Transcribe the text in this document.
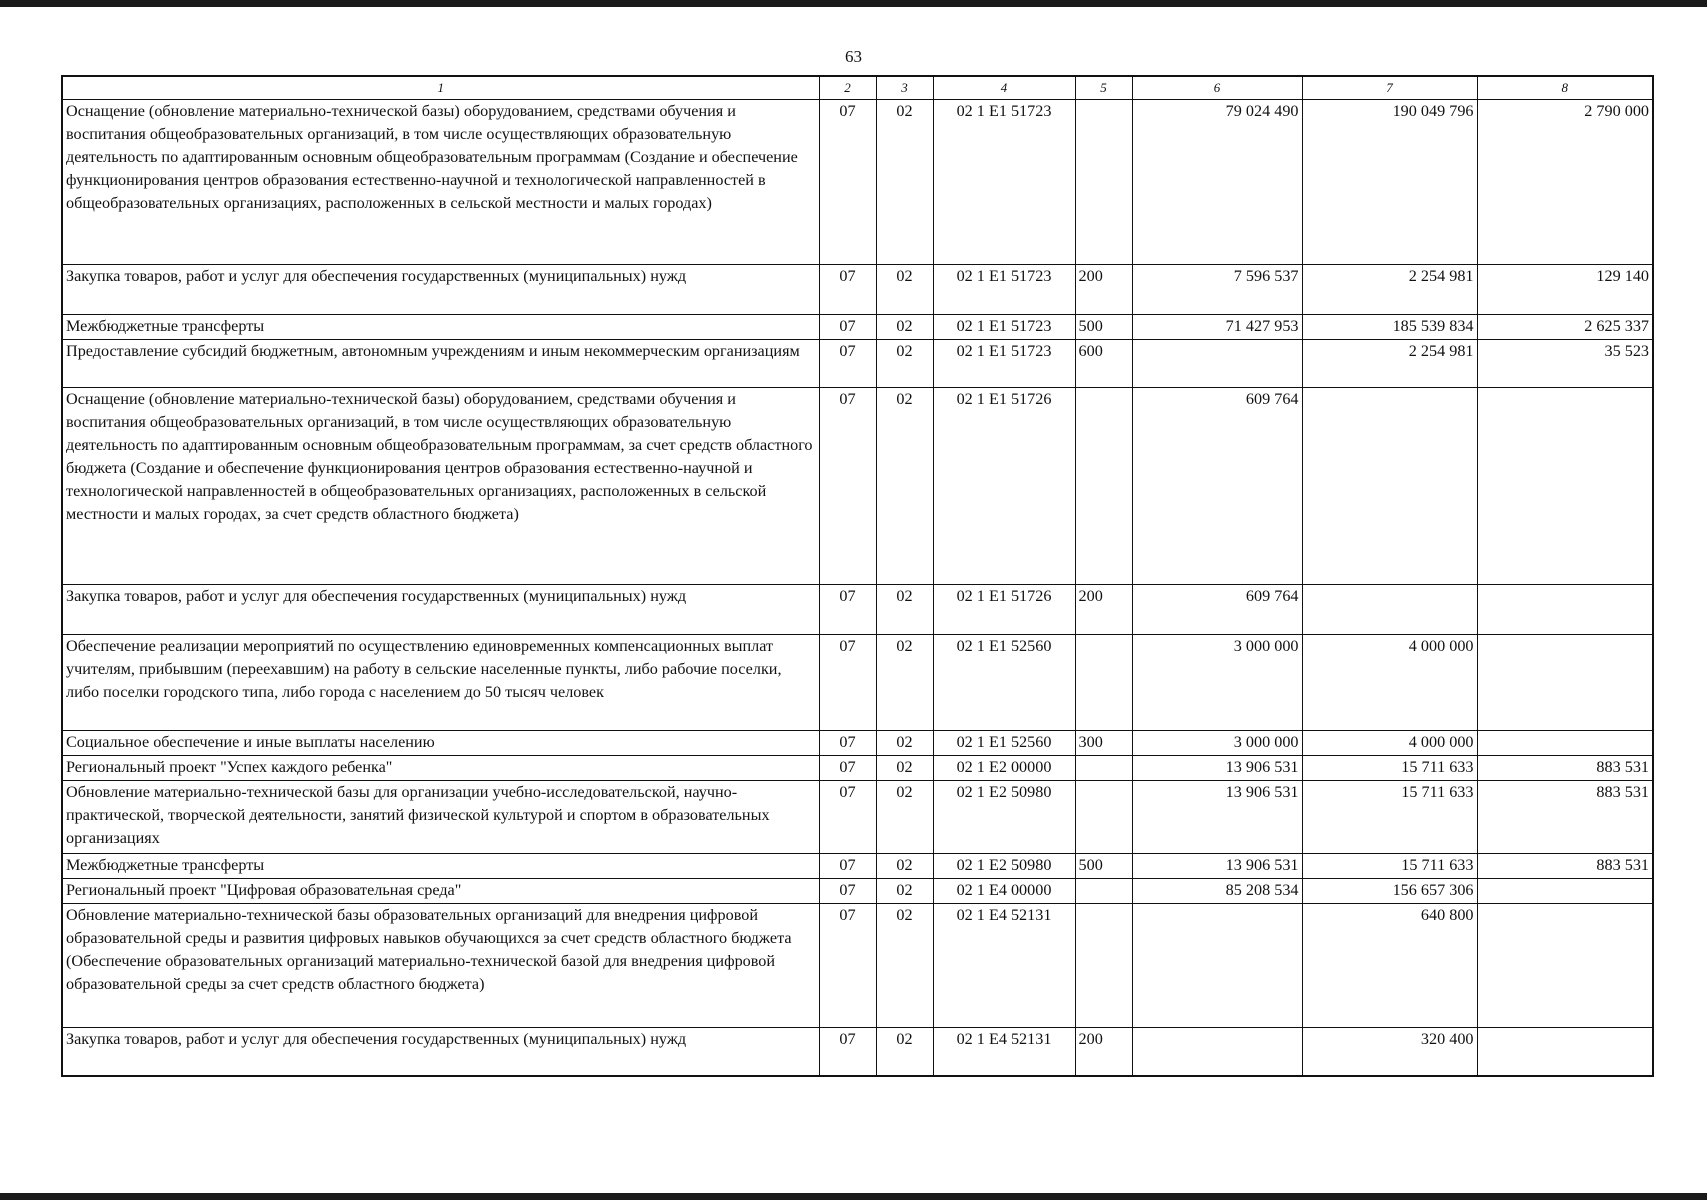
63
1	2	3	4	5	6	7	8
Оснащение (обновление материально-технической базы) оборудованием, средствами обучения и воспитания общеобразовательных организаций, в том числе осуществляющих образовательную деятельность по адаптированным основным общеобразовательным программам (Создание и обеспечение функционирования центров образования естественно-научной и технологической направленностей в общеобразовательных организациях, расположенных в сельской местности и малых городах)	07	02	02 1 E1 51723		79 024 490	190 049 796	2 790 000
Закупка товаров, работ и услуг для обеспечения государственных (муниципальных) нужд	07	02	02 1 E1 51723	200	7 596 537	2 254 981	129 140
Межбюджетные трансферты	07	02	02 1 E1 51723	500	71 427 953	185 539 834	2 625 337
Предоставление субсидий бюджетным, автономным учреждениям и иным некоммерческим организациям	07	02	02 1 E1 51723	600		2 254 981	35 523
Оснащение (обновление материально-технической базы) оборудованием, средствами обучения и воспитания общеобразовательных организаций, в том числе осуществляющих образовательную деятельность по адаптированным основным общеобразовательным программам, за счет средств областного бюджета (Создание и обеспечение функционирования центров образования естественно-научной и технологической направленностей в общеобразовательных организациях, расположенных в сельской местности и малых городах, за счет средств областного бюджета)	07	02	02 1 E1 51726		609 764		
Закупка товаров, работ и услуг для обеспечения государственных (муниципальных) нужд	07	02	02 1 E1 51726	200	609 764		
Обеспечение реализации мероприятий по осуществлению единовременных компенсационных выплат учителям, прибывшим (переехавшим) на работу в сельские населенные пункты, либо рабочие поселки, либо поселки городского типа, либо города с населением до 50 тысяч человек	07	02	02 1 E1 52560		3 000 000	4 000 000	
Социальное обеспечение и иные выплаты населению	07	02	02 1 E1 52560	300	3 000 000	4 000 000	
Региональный проект "Успех каждого ребенка"	07	02	02 1 E2 00000		13 906 531	15 711 633	883 531
Обновление материально-технической базы для организации учебно-исследовательской, научно-практической, творческой деятельности, занятий физической культурой и спортом в образовательных организациях	07	02	02 1 E2 50980		13 906 531	15 711 633	883 531
Межбюджетные трансферты	07	02	02 1 E2 50980	500	13 906 531	15 711 633	883 531
Региональный проект "Цифровая образовательная среда"	07	02	02 1 E4 00000		85 208 534	156 657 306	
Обновление материально-технической базы образовательных организаций для внедрения цифровой образовательной среды и развития цифровых навыков обучающихся за счет средств областного бюджета (Обеспечение образовательных организаций материально-технической базой для внедрения цифровой образовательной среды за счет средств областного бюджета)	07	02	02 1 E4 52131			640 800	
Закупка товаров, работ и услуг для обеспечения государственных (муниципальных) нужд	07	02	02 1 E4 52131	200		320 400	
